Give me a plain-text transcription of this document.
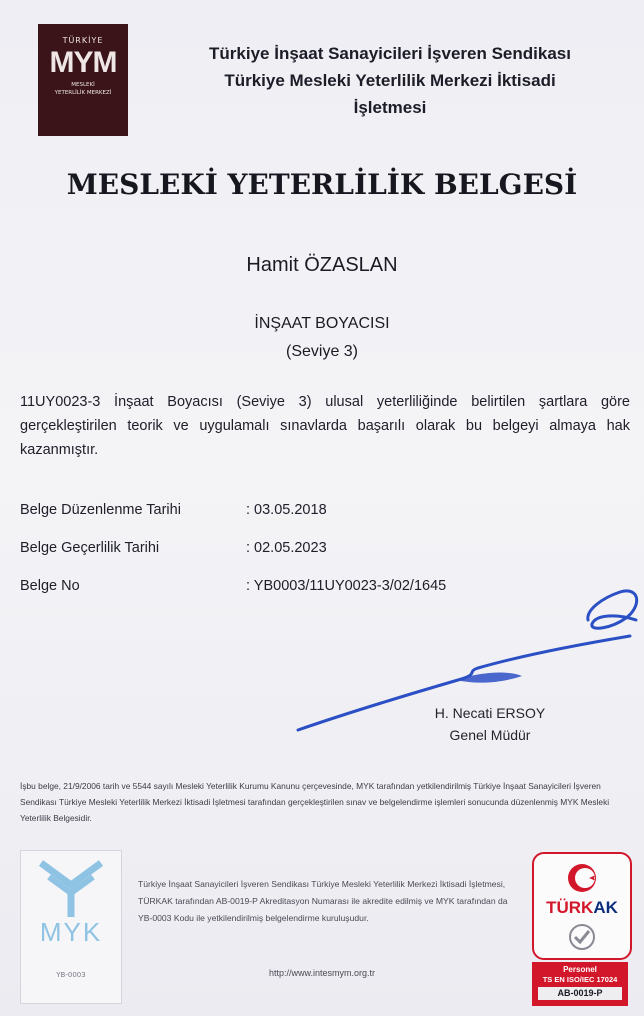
TÜRKİYE
MYM
MESLEKİ
YETERLİLİK MERKEZİ
Türkiye İnşaat Sanayicileri İşveren Sendikası
Türkiye Mesleki Yeterlilik Merkezi İktisadi
İşletmesi
MESLEKİ YETERLİLİK BELGESİ
Hamit ÖZASLAN
İNŞAAT BOYACISI
(Seviye 3)
11UY0023-3 İnşaat Boyacısı (Seviye 3) ulusal yeterliliğinde belirtilen şartlara göre gerçekleştirilen teorik ve uygulamalı sınavlarda başarılı olarak bu belgeyi almaya hak kazanmıştır.
Belge Düzenlenme Tarihi	: 03.05.2018
Belge Geçerlilik Tarihi	: 02.05.2023
Belge No	: YB0003/11UY0023-3/02/1645
H. Necati ERSOY
Genel Müdür
İşbu belge, 21/9/2006 tarih ve 5544 sayılı Mesleki Yeterlilik Kurumu Kanunu çerçevesinde, MYK tarafından yetkilendirilmiş Türkiye İnşaat Sanayicileri İşveren Sendikası Türkiye Mesleki Yeterlilik Merkezi İktisadi İşletmesi tarafından gerçekleştirilen sınav ve belgelendirme işlemleri sonucunda düzenlenmiş MYK Mesleki Yeterlilik Belgesidir.
MYK
YB-0003
Türkiye İnşaat Sanayicileri İşveren Sendikası Türkiye Mesleki Yeterlilik Merkezi İktisadi İşletmesi, TÜRKAK tarafından AB-0019-P Akreditasyon Numarası ile akredite edilmiş ve MYK tarafından da YB-0003 Kodu ile yetkilendirilmiş belgelendirme kuruluşudur.
http://www.intesmym.org.tr
TÜRKAK
Personel
TS EN ISO/IEC 17024
AB-0019-P
